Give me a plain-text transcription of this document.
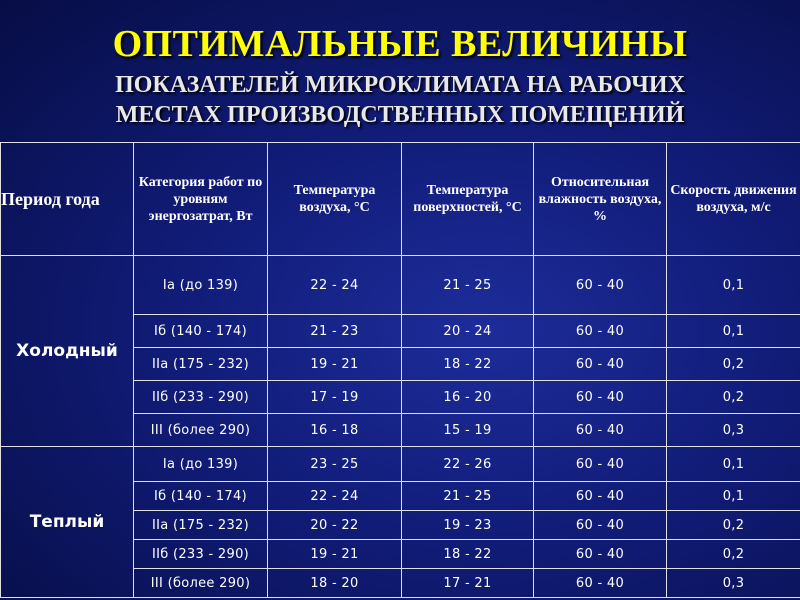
ОПТИМАЛЬНЫЕ ВЕЛИЧИНЫ
ПОКАЗАТЕЛЕЙ МИКРОКЛИМАТА НА РАБОЧИХ
МЕСТАХ ПРОИЗВОДСТВЕННЫХ ПОМЕЩЕНИЙ
Период года	Категория работ по уровням энергозатрат, Вт	Температура воздуха, °С	Температура поверхностей, °С	Относительная влажность воздуха, %	Скорость движения воздуха, м/с
Холодный	Iа (до 139)	22 - 24	21 - 25	60 - 40	0,1
	Iб (140 - 174)	21 - 23	20 - 24	60 - 40	0,1
	IIа (175 - 232)	19 - 21	18 - 22	60 - 40	0,2
	IIб (233 - 290)	17 - 19	16 - 20	60 - 40	0,2
	III (более 290)	16 - 18	15 - 19	60 - 40	0,3
Теплый	Iа (до 139)	23 - 25	22 - 26	60 - 40	0,1
	Iб (140 - 174)	22 - 24	21 - 25	60 - 40	0,1
	IIа (175 - 232)	20 - 22	19 - 23	60 - 40	0,2
	IIб (233 - 290)	19 - 21	18 - 22	60 - 40	0,2
	III (более 290)	18 - 20	17 - 21	60 - 40	0,3
